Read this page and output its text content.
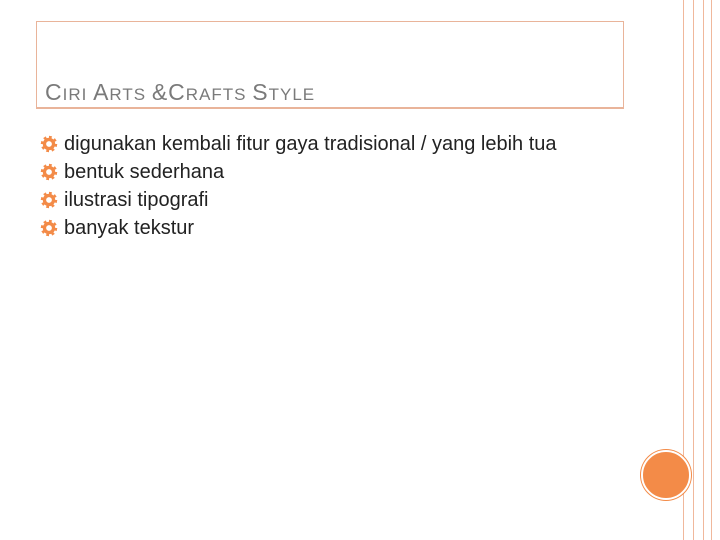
CIRI ARTS &CRAFTS STYLE
digunakan kembali fitur gaya tradisional / yang lebih tua
bentuk sederhana
ilustrasi tipografi
banyak tekstur
